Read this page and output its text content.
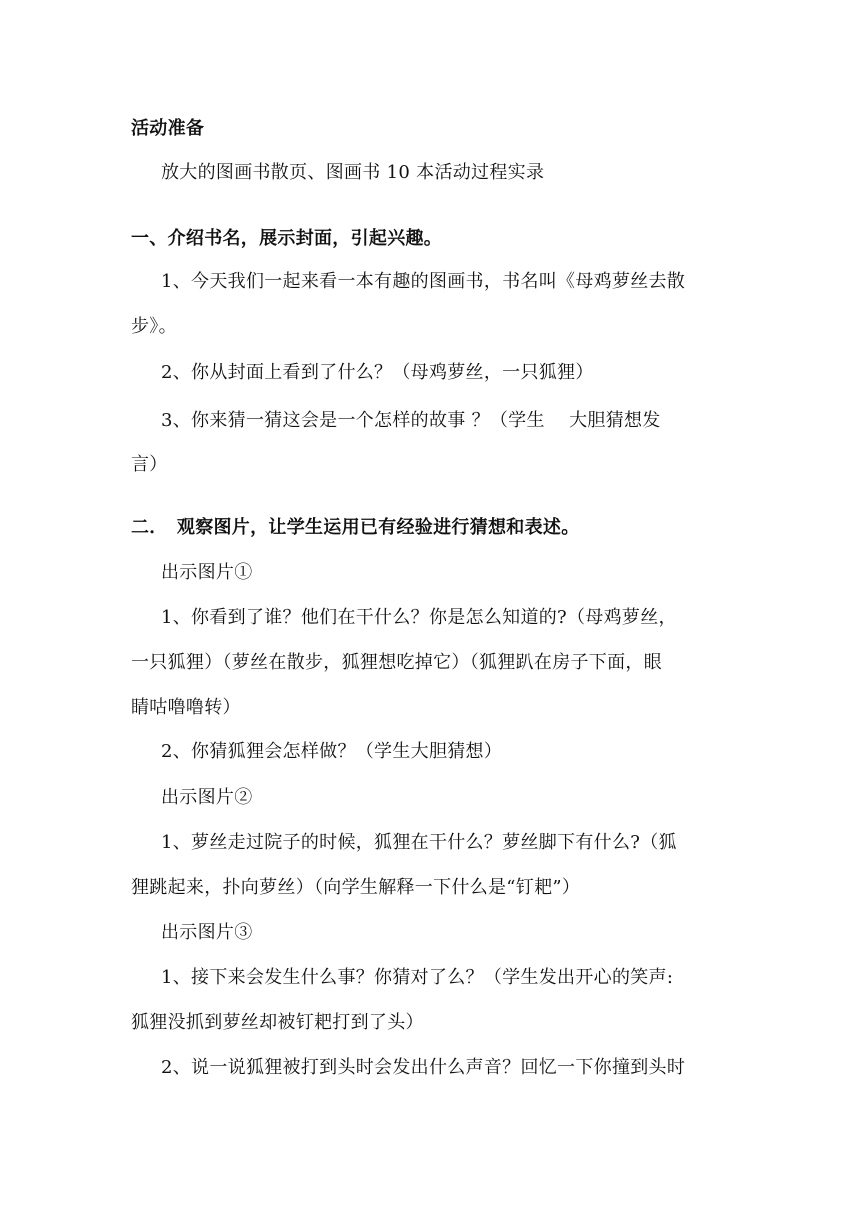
活动准备
放大的图画书散页、图画书 10 本活动过程实录
一、介绍书名，展示封面，引起兴趣。
1、今天我们一起来看一本有趣的图画书，书名叫《母鸡萝丝去散
步》。
2、你从封面上看到了什么？（母鸡萝丝，一只狐狸）
3、你来猜一猜这会是一个怎样的故事 ？（学生　 大胆猜想发
言）
二．　观察图片，让学生运用已有经验进行猜想和表述。
出示图片①
1、你看到了谁？他们在干什么？你是怎么知道的?（母鸡萝丝，
一只狐狸）（萝丝在散步，狐狸想吃掉它）（狐狸趴在房子下面，眼
睛咕噜噜转）
2、你猜狐狸会怎样做？（学生大胆猜想）
出示图片②
1、萝丝走过院子的时候，狐狸在干什么？萝丝脚下有什么?（狐
狸跳起来，扑向萝丝）（向学生解释一下什么是“钉耙”）
出示图片③
1、接下来会发生什么事？你猜对了么？（学生发出开心的笑声:
狐狸没抓到萝丝却被钉耙打到了头）
2、说一说狐狸被打到头时会发出什么声音？回忆一下你撞到头时
